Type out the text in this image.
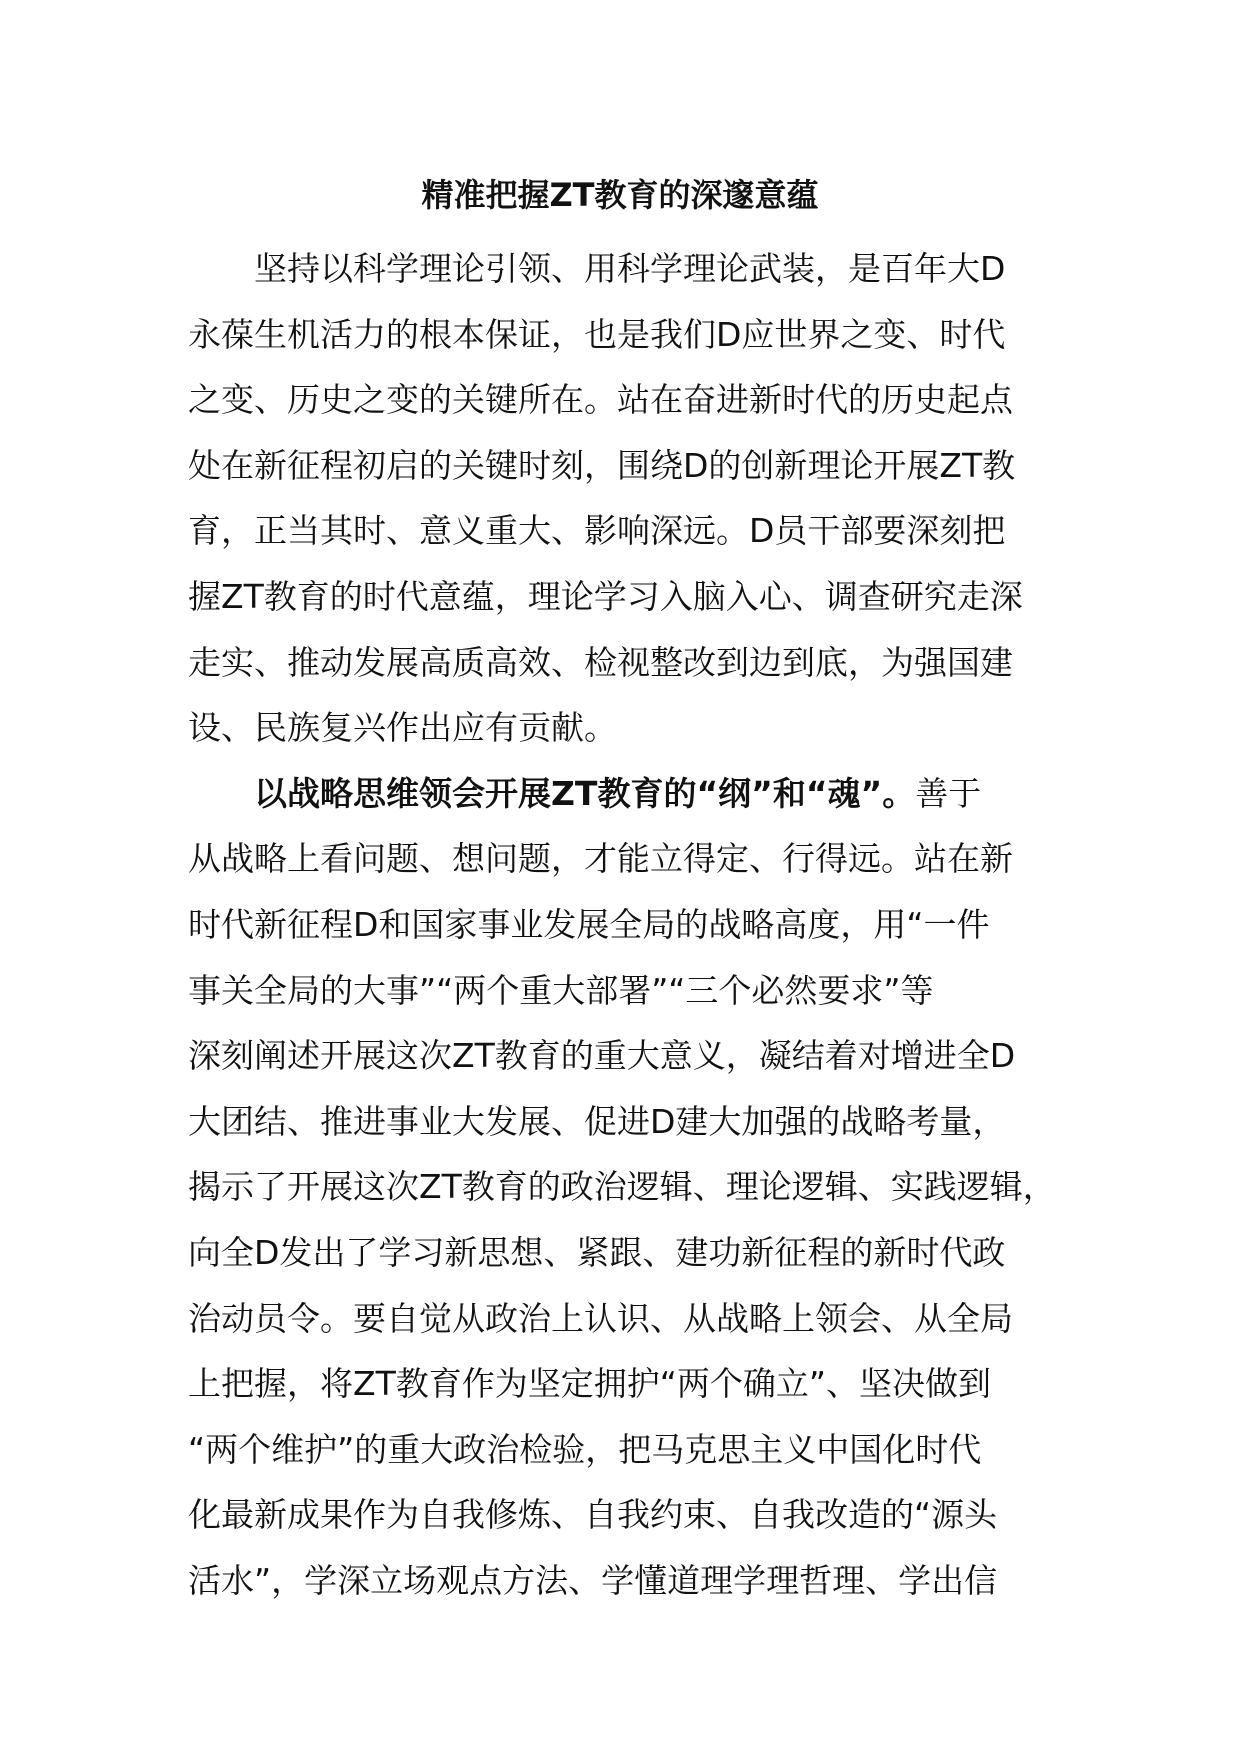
精准把握ZT教育的深邃意蕴
坚持以科学理论引领、用科学理论武装，是百年大D
永葆生机活力的根本保证，也是我们D应世界之变、时代
之变、历史之变的关键所在。站在奋进新时代的历史起点
处在新征程初启的关键时刻，围绕D的创新理论开展ZT教
育，正当其时、意义重大、影响深远。D员干部要深刻把
握ZT教育的时代意蕴，理论学习入脑入心、调查研究走深
走实、推动发展高质高效、检视整改到边到底，为强国建
设、民族复兴作出应有贡献。
以战略思维领会开展ZT教育的“纲”和“魂”。善于
从战略上看问题、想问题，才能立得定、行得远。站在新
时代新征程D和国家事业发展全局的战略高度，用“一件
事关全局的大事”“两个重大部署”“三个必然要求”等
深刻阐述开展这次ZT教育的重大意义，凝结着对增进全D
大团结、推进事业大发展、促进D建大加强的战略考量，
揭示了开展这次ZT教育的政治逻辑、理论逻辑、实践逻辑，
向全D发出了学习新思想、紧跟、建功新征程的新时代政
治动员令。要自觉从政治上认识、从战略上领会、从全局
上把握，将ZT教育作为坚定拥护“两个确立”、坚决做到
“两个维护”的重大政治检验，把马克思主义中国化时代
化最新成果作为自我修炼、自我约束、自我改造的“源头
活水”，学深立场观点方法、学懂道理学理哲理、学出信
